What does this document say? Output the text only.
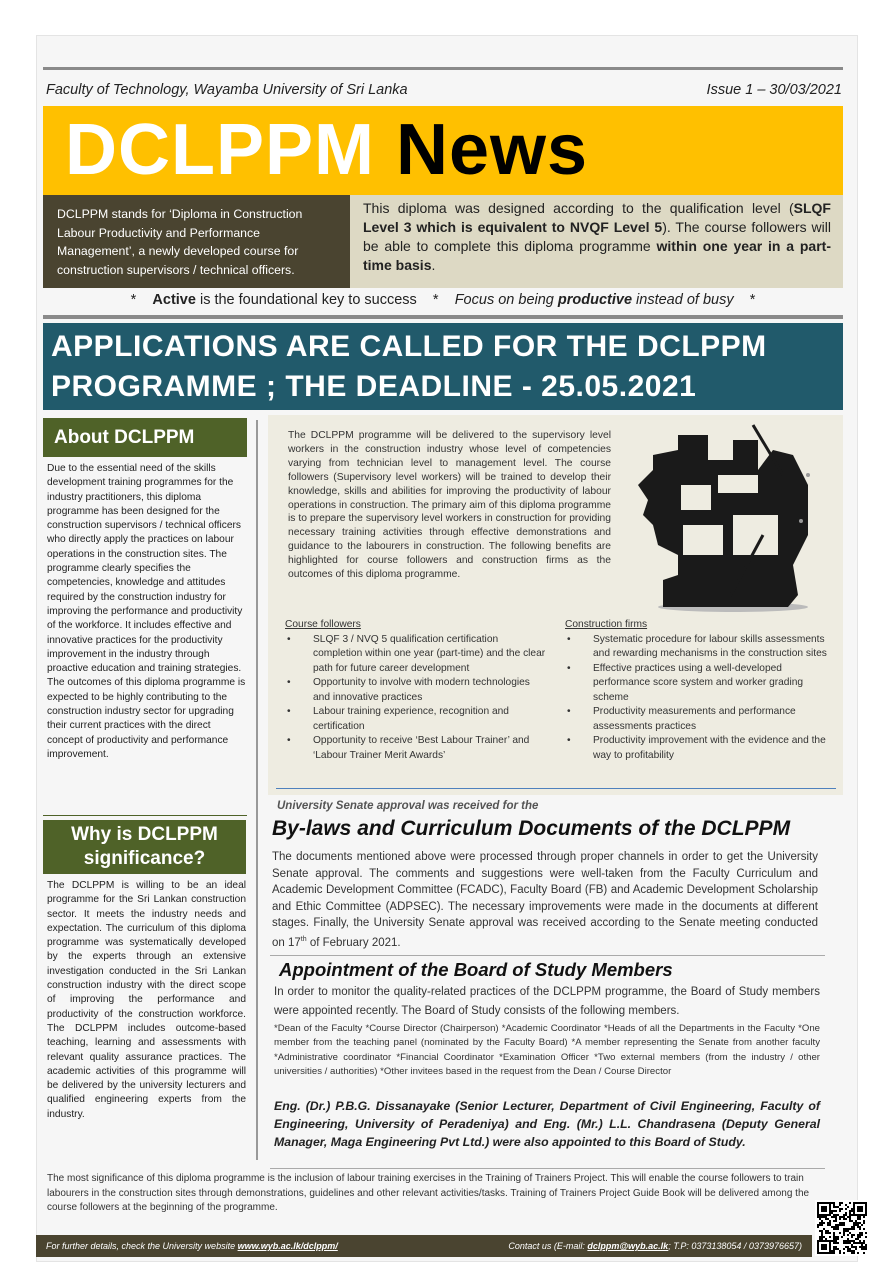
Faculty of Technology, Wayamba University of Sri Lanka	Issue 1 – 30/03/2021
DCLPPM News
DCLPPM stands for ‘Diploma in Construction Labour Productivity and Performance Management’, a newly developed course for construction supervisors / technical officers.
This diploma was designed according to the qualification level (SLQF Level 3 which is equivalent to NVQF Level 5). The course followers will be able to complete this diploma programme within one year in a part-time basis.
* Active is the foundational key to success * Focus on being productive instead of busy *
APPLICATIONS ARE CALLED FOR THE DCLPPM
PROGRAMME ; THE DEADLINE - 25.05.2021
About DCLPPM
Due to the essential need of the skills development training programmes for the industry practitioners, this diploma programme has been designed for the construction supervisors / technical officers who directly apply the practices on labour operations in the construction sites. The programme clearly specifies the competencies, knowledge and attitudes required by the construction industry for improving the performance and productivity of the workforce. It includes effective and innovative practices for the productivity improvement in the industry through proactive education and training strategies. The outcomes of this diploma programme is expected to be highly contributing to the construction industry sector for upgrading their current practices with the direct concept of productivity and performance improvement.
Why is DCLPPM significance?
The DCLPPM is willing to be an ideal programme for the Sri Lankan construction sector. It meets the industry needs and expectation. The curriculum of this diploma programme was systematically developed by the experts through an extensive investigation conducted in the Sri Lankan construction industry with the direct scope of improving the performance and productivity of the construction workforce. The DCLPPM includes outcome-based teaching, learning and assessments with relevant quality assurance practices. The academic activities of this programme will be delivered by the university lecturers and qualified engineering experts from the industry.
The DCLPPM programme will be delivered to the supervisory level workers in the construction industry whose level of competencies varying from technician level to management level. The course followers (Supervisory level workers) will be trained to develop their knowledge, skills and abilities for improving the productivity of labour operations in construction. The primary aim of this diploma programme is to prepare the supervisory level workers in construction for providing necessary training activities through effective demonstrations and guidance to the labourers in construction. The following benefits are highlighted for course followers and construction firms as the outcomes of this diploma programme.
Course followers
• SLQF 3 / NVQ 5 qualification certification completion within one year (part-time) and the clear path for future career development
• Opportunity to involve with modern technologies and innovative practices
• Labour training experience, recognition and certification
• Opportunity to receive ‘Best Labour Trainer’ and ‘Labour Trainer Merit Awards’
Construction firms
• Systematic procedure for labour skills assessments and rewarding mechanisms in the construction sites
• Effective practices using a well-developed performance score system and worker grading scheme
• Productivity measurements and performance assessments practices
• Productivity improvement with the evidence and the way to profitability
University Senate approval was received for the
By-laws and Curriculum Documents of the DCLPPM
The documents mentioned above were processed through proper channels in order to get the University Senate approval. The comments and suggestions were well-taken from the Faculty Curriculum and Academic Development Committee (FCADC), Faculty Board (FB) and Academic Development Scholarship and Ethic Committee (ADPSEC). The necessary improvements were made in the documents at different stages. Finally, the University Senate approval was received according to the Senate meeting conducted on 17th of February 2021.
Appointment of the Board of Study Members
In order to monitor the quality-related practices of the DCLPPM programme, the Board of Study members were appointed recently. The Board of Study consists of the following members.
*Dean of the Faculty *Course Director (Chairperson) *Academic Coordinator *Heads of all the Departments in the Faculty *One member from the teaching panel (nominated by the Faculty Board) *A member representing the Senate from another faculty *Administrative coordinator *Financial Coordinator *Examination Officer *Two external members (from the industry / other universities / authorities) *Other invitees based in the request from the Dean / Course Director
Eng. (Dr.) P.B.G. Dissanayake (Senior Lecturer, Department of Civil Engineering, Faculty of Engineering, University of Peradeniya) and Eng. (Mr.) L.L. Chandrasena (Deputy General Manager, Maga Engineering Pvt Ltd.) were also appointed to this Board of Study.
The most significance of this diploma programme is the inclusion of labour training exercises in the Training of Trainers Project. This will enable the course followers to train labourers in the construction sites through demonstrations, guidelines and other relevant activities/tasks. Training of Trainers Project Guide Book will be delivered among the course followers at the beginning of the programme.
For further details, check the University website www.wyb.ac.lk/dclppm/	Contact us (E-mail: dclppm@wyb.ac.lk; T.P: 0373138054 / 0373976657)
